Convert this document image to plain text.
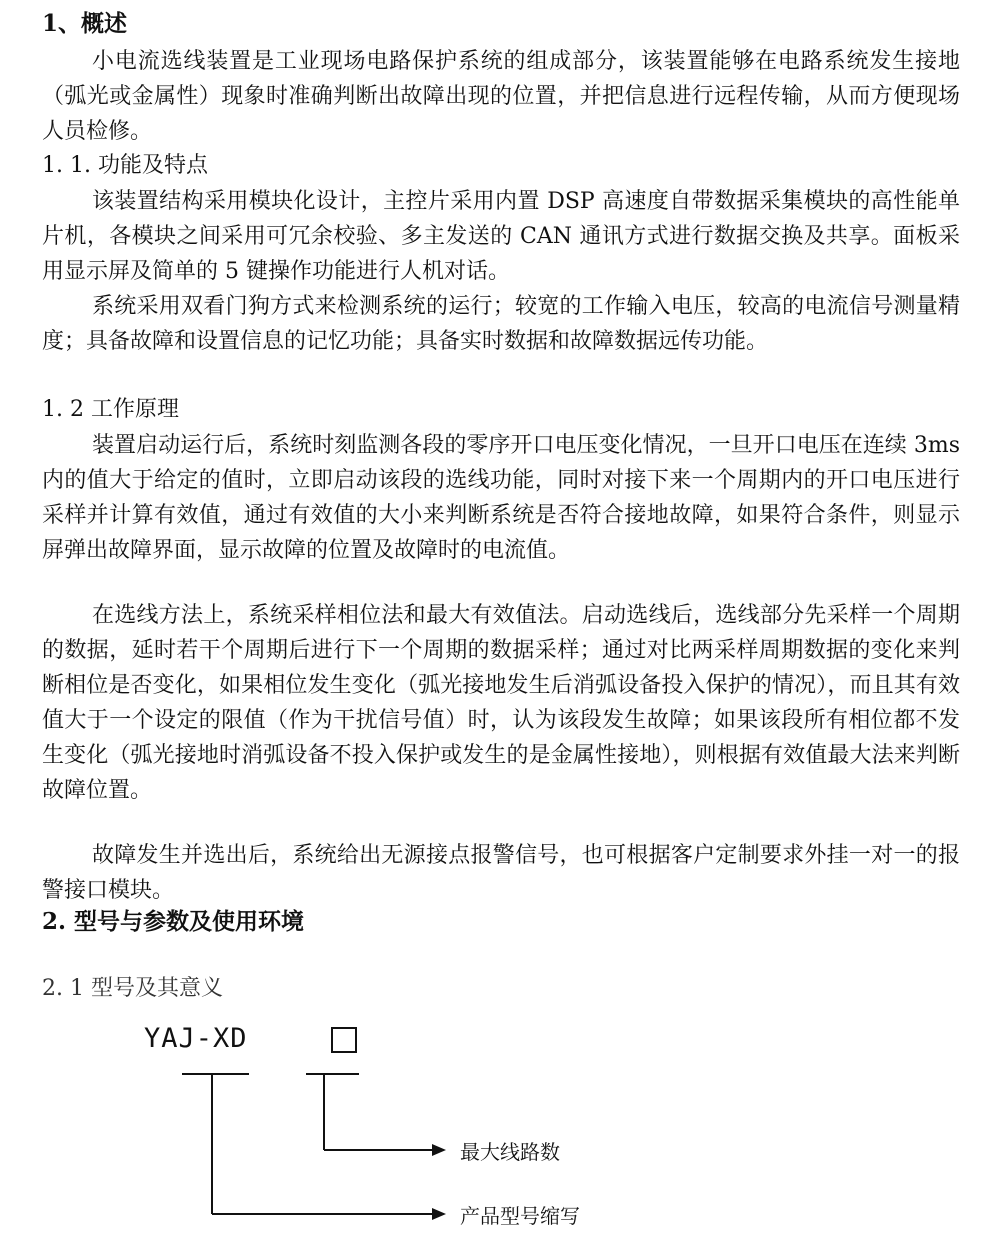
1、概述

小电流选线装置是工业现场电路保护系统的组成部分，该装置能够在电路系统发生接地（弧光或金属性）现象时准确判断出故障出现的位置，并把信息进行远程传输，从而方便现场人员检修。

1. 1. 功能及特点

该装置结构采用模块化设计，主控片采用内置 DSP 高速度自带数据采集模块的高性能单片机，各模块之间采用可冗余校验、多主发送的 CAN 通讯方式进行数据交换及共享。面板采用显示屏及简单的 5 键操作功能进行人机对话。

系统采用双看门狗方式来检测系统的运行；较宽的工作输入电压，较高的电流信号测量精度；具备故障和设置信息的记忆功能；具备实时数据和故障数据远传功能。

1. 2 工作原理

装置启动运行后，系统时刻监测各段的零序开口电压变化情况，一旦开口电压在连续 3ms 内的值大于给定的值时，立即启动该段的选线功能，同时对接下来一个周期内的开口电压进行采样并计算有效值，通过有效值的大小来判断系统是否符合接地故障，如果符合条件，则显示屏弹出故障界面，显示故障的位置及故障时的电流值。

在选线方法上，系统采样相位法和最大有效值法。启动选线后，选线部分先采样一个周期的数据，延时若干个周期后进行下一个周期的数据采样；通过对比两采样周期数据的变化来判断相位是否变化，如果相位发生变化（弧光接地发生后消弧设备投入保护的情况），而且其有效值大于一个设定的限值（作为干扰信号值）时，认为该段发生故障；如果该段所有相位都不发生变化（弧光接地时消弧设备不投入保护或发生的是金属性接地），则根据有效值最大法来判断故障位置。

故障发生并选出后，系统给出无源接点报警信号，也可根据客户定制要求外挂一对一的报警接口模块。

2. 型号与参数及使用环境
2. 1 型号及其意义
YAJ-XD
最大线路数
产品型号缩写
